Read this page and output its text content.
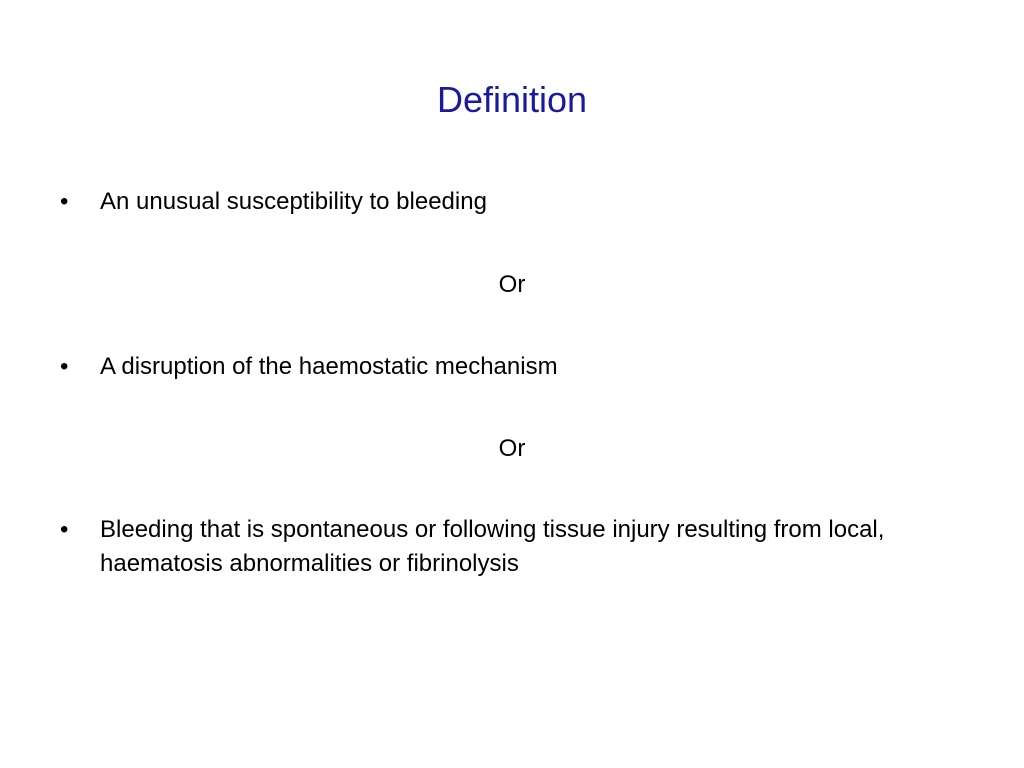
Definition
•	An unusual susceptibility to bleeding
Or
•	A disruption of the haemostatic mechanism
Or
•	Bleeding that is spontaneous or following tissue injury resulting from local, haematosis abnormalities or fibrinolysis
